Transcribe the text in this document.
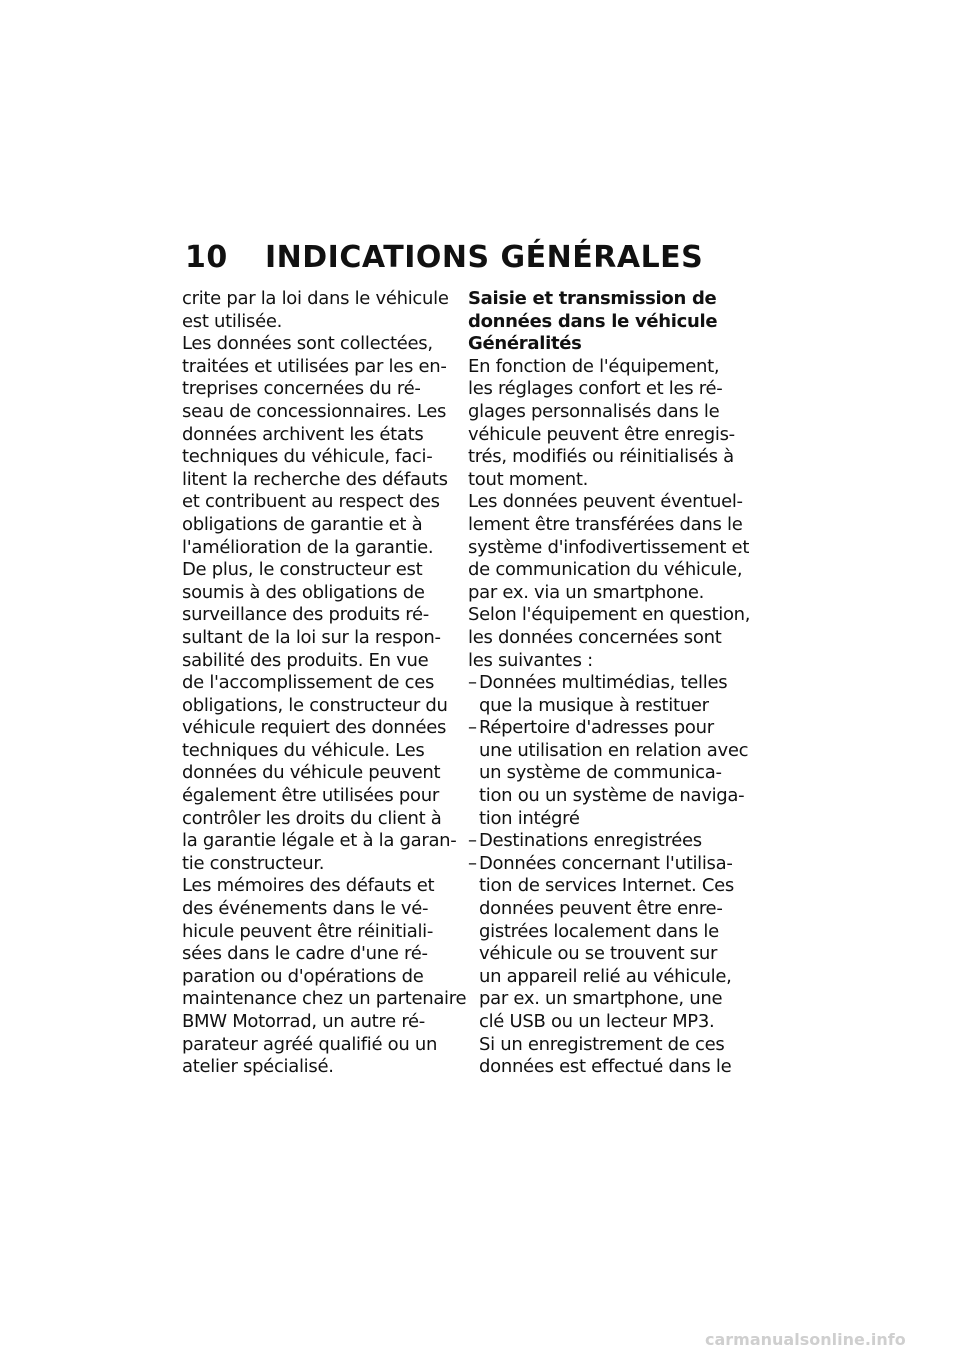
10 INDICATIONS GÉNÉRALES

crite par la loi dans le véhicule

est utilisée.

Les données sont collectées,

traitées et utilisées par les en-

treprises concernées du ré-

seau de concessionnaires. Les

données archivent les états

techniques du véhicule, faci-

litent la recherche des défauts

et contribuent au respect des

obligations de garantie et à

l'amélioration de la garantie.

De plus, le constructeur est

soumis à des obligations de

surveillance des produits ré-

sultant de la loi sur la respon-

sabilité des produits. En vue

de l'accomplissement de ces

obligations, le constructeur du

véhicule requiert des données

techniques du véhicule. Les

données du véhicule peuvent

également être utilisées pour

contrôler les droits du client à

la garantie légale et à la garan-

tie constructeur.

Les mémoires des défauts et

des événements dans le vé-

hicule peuvent être réinitiali-

sées dans le cadre d'une ré-

paration ou d'opérations de

maintenance chez un partenaire

BMW Motorrad, un autre ré-

parateur agréé qualifié ou un

atelier spécialisé.

Saisie et transmission de

données dans le véhicule

Généralités

En fonction de l'équipement,

les réglages confort et les ré-

glages personnalisés dans le

véhicule peuvent être enregis-

trés, modifiés ou réinitialisés à

tout moment.

Les données peuvent éventuel-

lement être transférées dans le

système d'infodivertissement et

de communication du véhicule,

par ex. via un smartphone.

Selon l'équipement en question,

les données concernées sont

les suivantes :

– Données multimédias, telles

que la musique à restituer

– Répertoire d'adresses pour

une utilisation en relation avec

un système de communica-

tion ou un système de naviga-

tion intégré

– Destinations enregistrées

– Données concernant l'utilisa-

tion de services Internet. Ces

données peuvent être enre-

gistrées localement dans le

véhicule ou se trouvent sur

un appareil relié au véhicule,

par ex. un smartphone, une

clé USB ou un lecteur MP3.

Si un enregistrement de ces

données est effectué dans le

carmanualsonline.info
